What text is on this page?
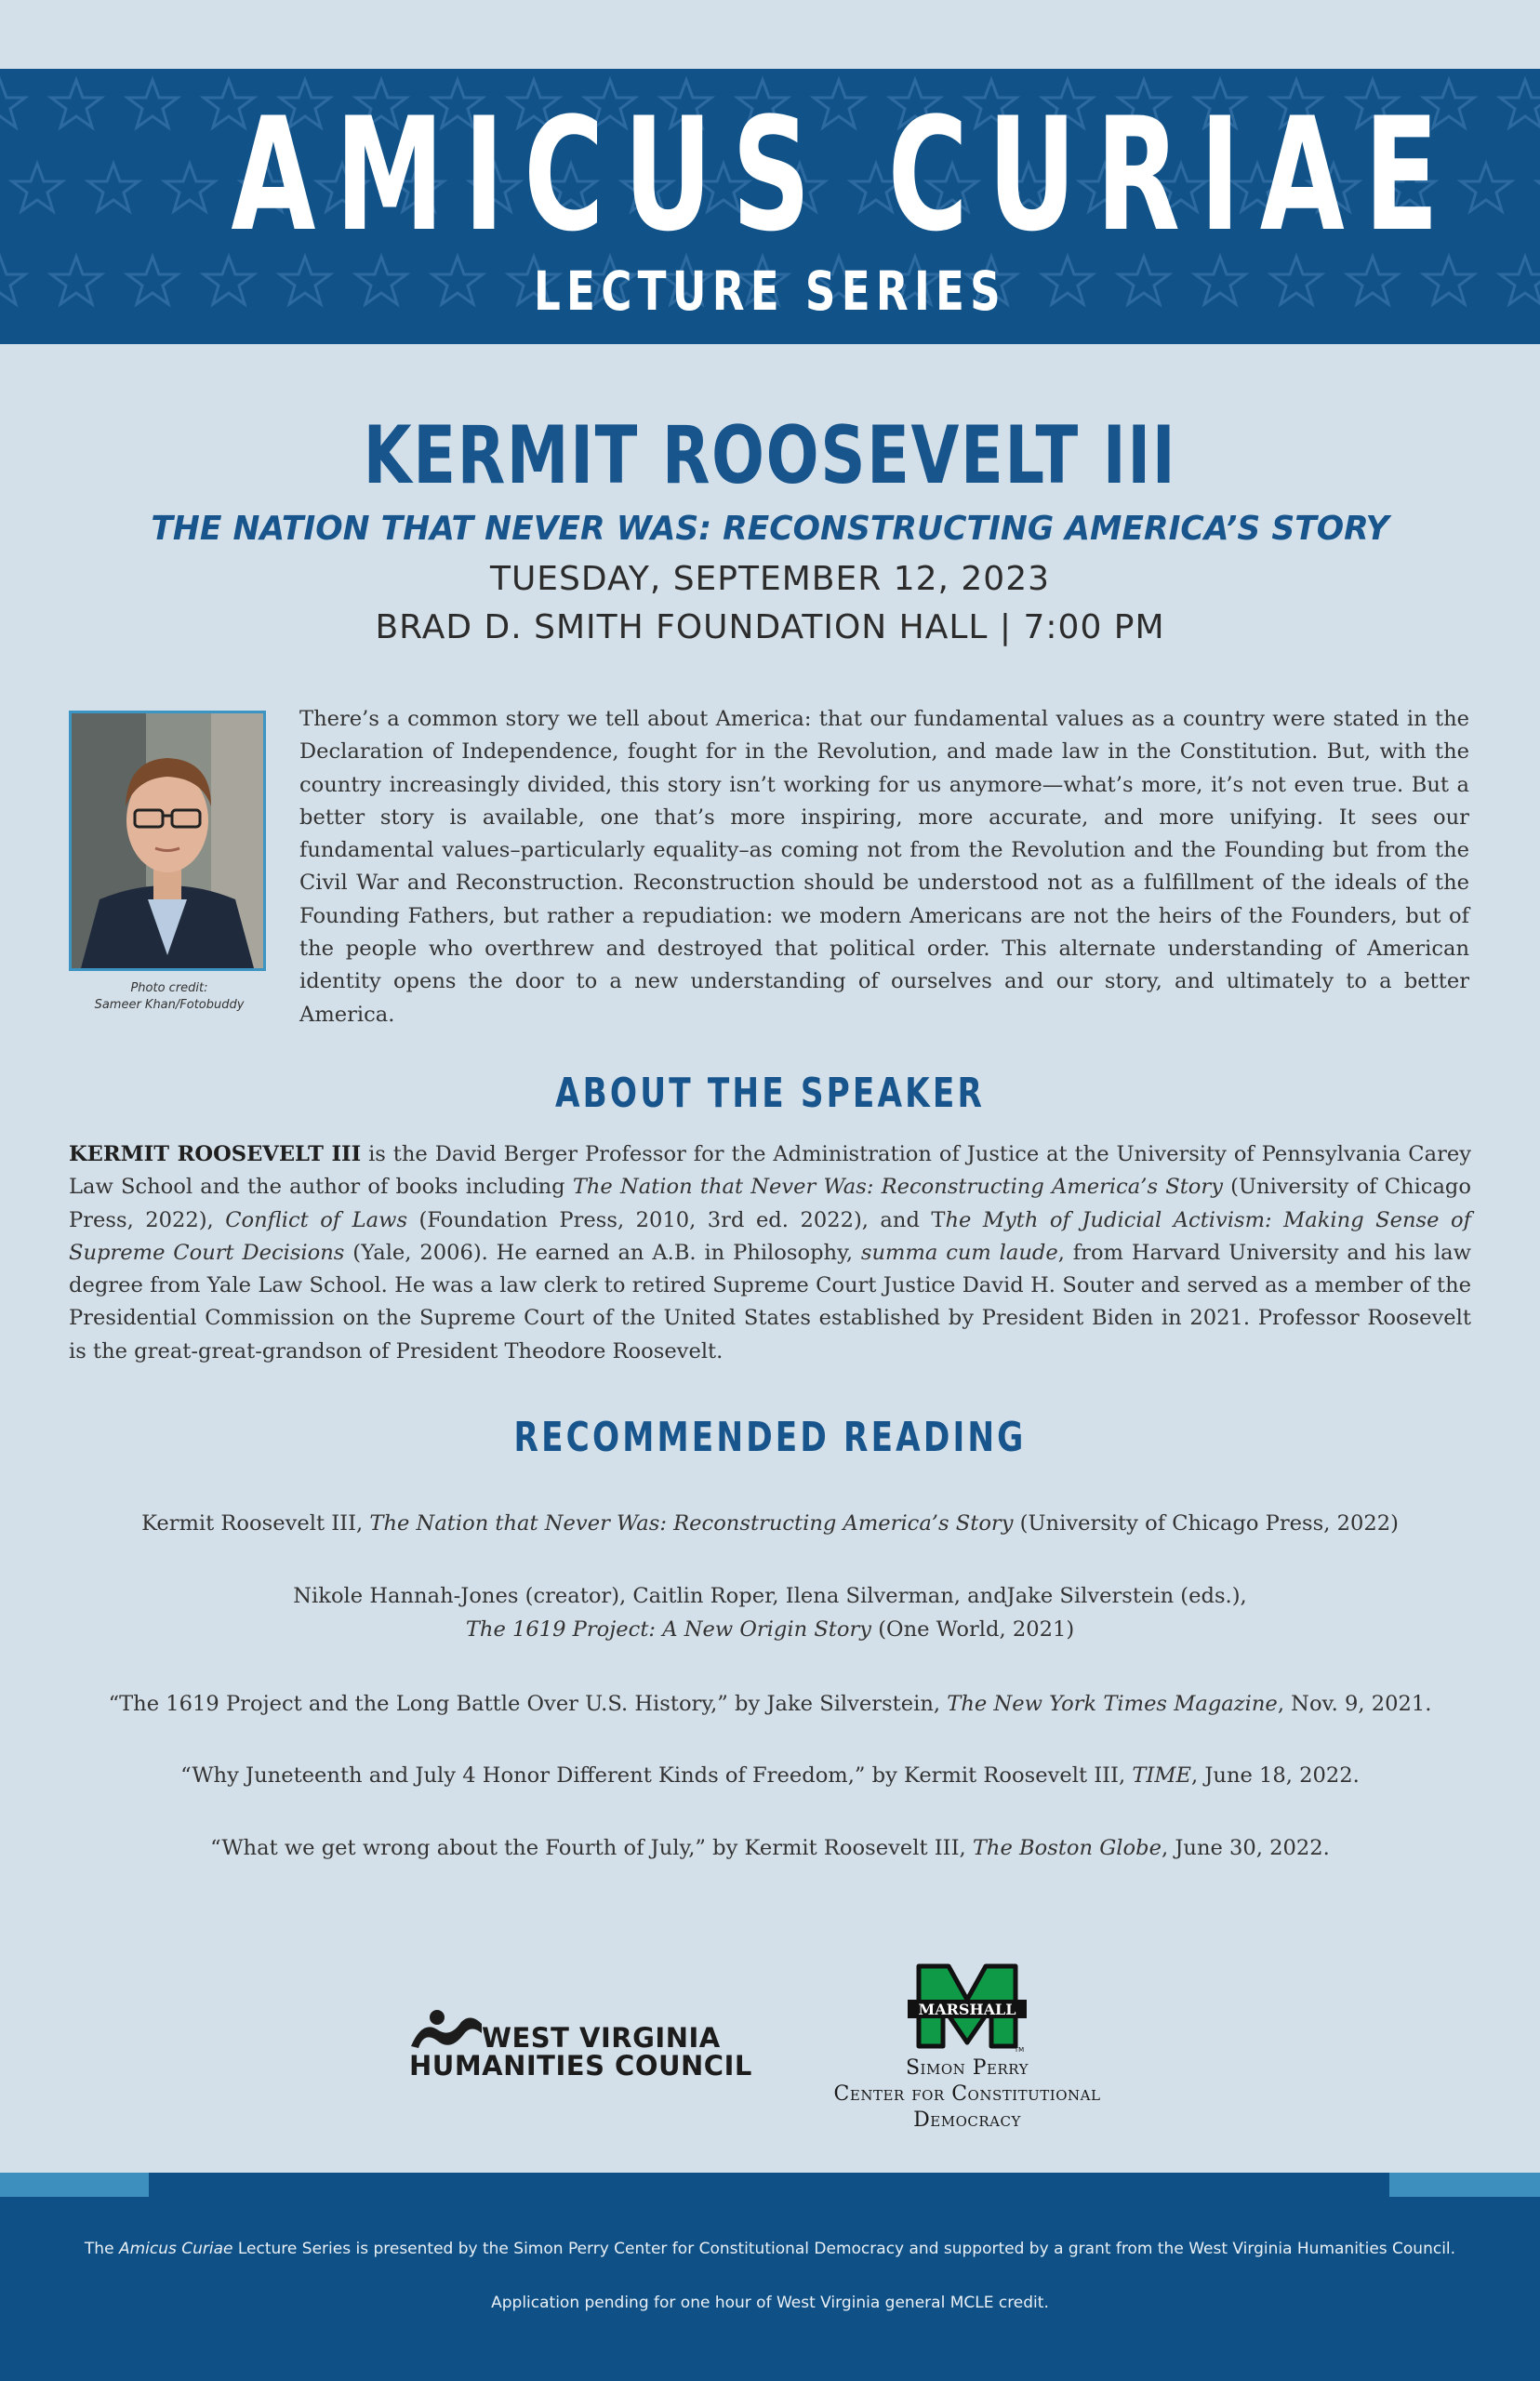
AMICUS CURIAE
LECTURE SERIES
KERMIT ROOSEVELT III
THE NATION THAT NEVER WAS: RECONSTRUCTING AMERICA’S STORY
TUESDAY, SEPTEMBER 12, 2023
BRAD D. SMITH FOUNDATION HALL | 7:00 PM
Photo credit:
Sameer Khan/Fotobuddy
There’s a common story we tell about America: that our fundamental values as a country were stated in the Declaration of Independence, fought for in the Revolution, and made law in the Constitution. But, with the country increasingly divided, this story isn’t working for us anymore—what’s more, it’s not even true. But a better story is available, one that’s more inspiring, more accurate, and more unifying. It sees our fundamental values–particularly equality–as coming not from the Revolution and the Founding but from the Civil War and Reconstruction. Reconstruction should be understood not as a fulfillment of the ideals of the Founding Fathers, but rather a repudiation: we modern Americans are not the heirs of the Founders, but of the people who overthrew and destroyed that political order. This alternate understanding of American identity opens the door to a new understanding of ourselves and our story, and ultimately to a better America.
ABOUT THE SPEAKER
KERMIT ROOSEVELT III is the David Berger Professor for the Administration of Justice at the University of Pennsylvania Carey Law School and the author of books including The Nation that Never Was: Reconstructing America’s Story (University of Chicago Press, 2022), Conflict of Laws (Foundation Press, 2010, 3rd ed. 2022), and The Myth of Judicial Activism: Making Sense of Supreme Court Decisions (Yale, 2006). He earned an A.B. in Philosophy, summa cum laude, from Harvard University and his law degree from Yale Law School. He was a law clerk to retired Supreme Court Justice David H. Souter and served as a member of the Presidential Commission on the Supreme Court of the United States established by President Biden in 2021. Professor Roosevelt is the great-great-grandson of President Theodore Roosevelt.
RECOMMENDED READING
Kermit Roosevelt III, The Nation that Never Was: Reconstructing America’s Story (University of Chicago Press, 2022)
Nikole Hannah-Jones (creator), Caitlin Roper, Ilena Silverman, andJake Silverstein (eds.),
The 1619 Project: A New Origin Story (One World, 2021)
“The 1619 Project and the Long Battle Over U.S. History,” by Jake Silverstein, The New York Times Magazine, Nov. 9, 2021.
“Why Juneteenth and July 4 Honor Different Kinds of Freedom,” by Kermit Roosevelt III, TIME, June 18, 2022.
“What we get wrong about the Fourth of July,” by Kermit Roosevelt III, The Boston Globe, June 30, 2022.
WEST VIRGINIA
HUMANITIES COUNCIL
MARSHALL
TM
Simon Perry
Center for Constitutional
Democracy
The Amicus Curiae Lecture Series is presented by the Simon Perry Center for Constitutional Democracy and supported by a grant from the West Virginia Humanities Council.
Application pending for one hour of West Virginia general MCLE credit.
